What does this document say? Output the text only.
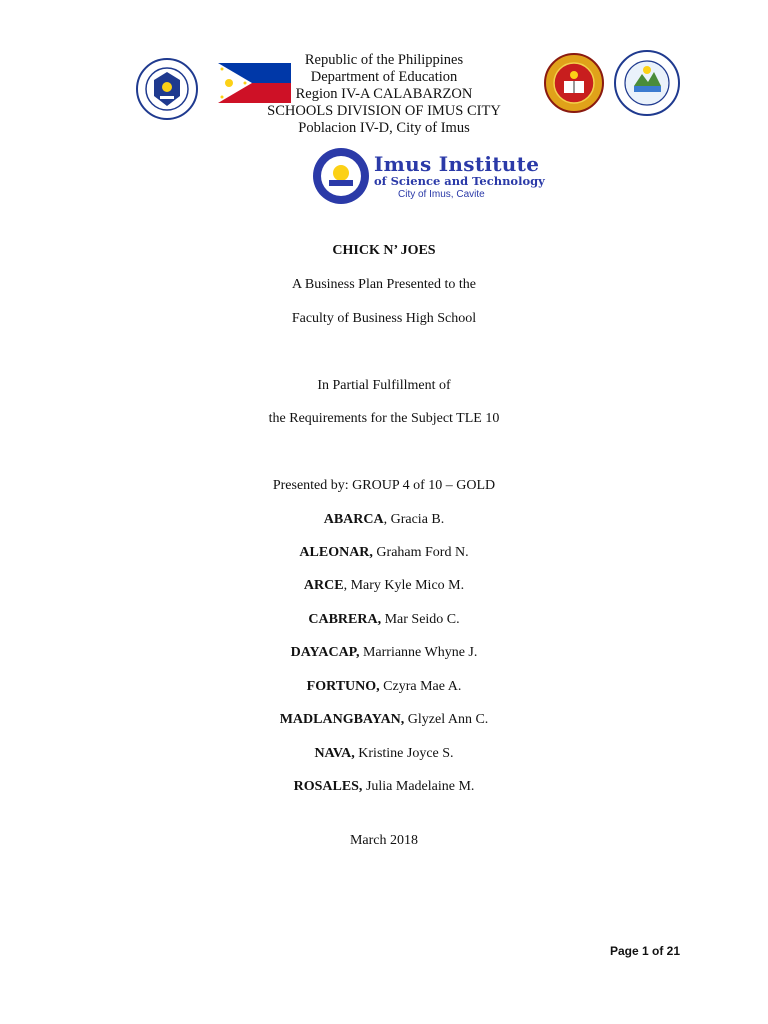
Republic of the Philippines
Department of Education
Region IV-A CALABARZON
SCHOOLS DIVISION OF IMUS CITY
Poblacion IV-D, City of Imus
Imus Institute
of Science and Technology
City of Imus, Cavite
CHICK N’ JOES
A Business Plan Presented to the
Faculty of Business High School
In Partial Fulfillment of
the Requirements for the Subject TLE 10
Presented by: GROUP 4 of 10 – GOLD
ABARCA, Gracia B.
ALEONAR, Graham Ford N.
ARCE, Mary Kyle Mico M.
CABRERA, Mar Seido C.
DAYACAP, Marrianne Whyne J.
FORTUNO, Czyra Mae A.
MADLANGBAYAN, Glyzel Ann C.
NAVA, Kristine Joyce S.
ROSALES, Julia Madelaine M.
March 2018
Page 1 of 21
